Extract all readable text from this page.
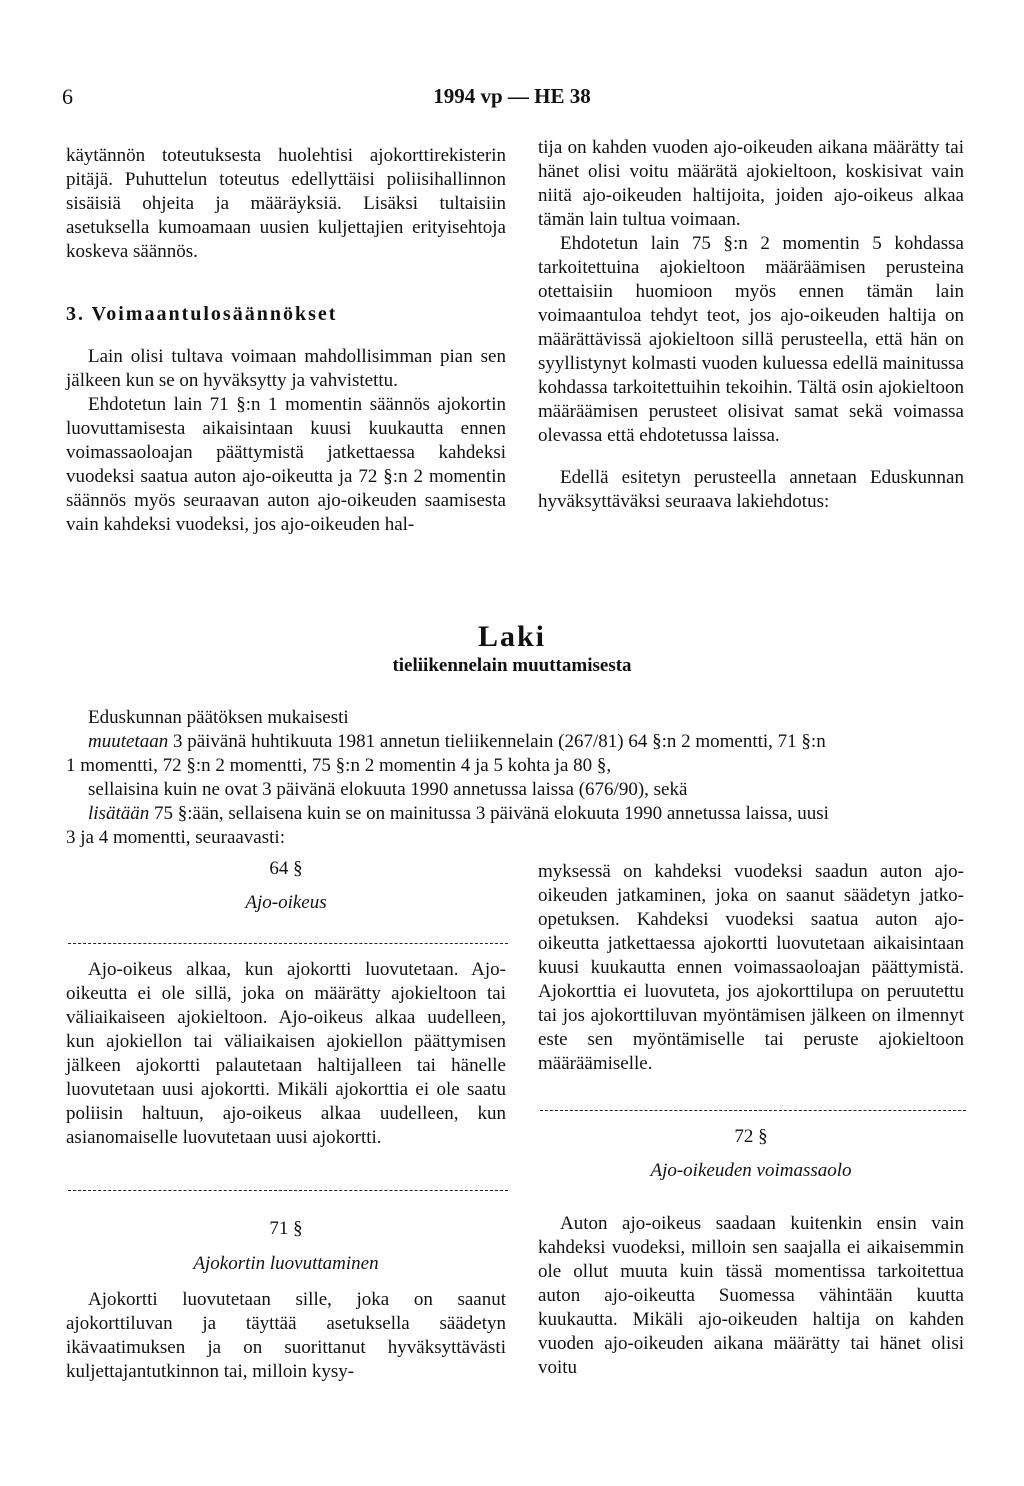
6	1994 vp — HE 38

käytännön toteutuksesta huolehtisi ajokorttirekisterin pitäjä. Puhuttelun toteutus edellyttäisi poliisihallinnon sisäisiä ohjeita ja määräyksiä. Lisäksi tultaisiin asetuksella kumoamaan uusien kuljettajien erityisehtoja koskeva säännös.

3. Voimaantulosäännökset

Lain olisi tultava voimaan mahdollisimman pian sen jälkeen kun se on hyväksytty ja vahvistettu.

Ehdotetun lain 71 §:n 1 momentin säännös ajokortin luovuttamisesta aikaisintaan kuusi kuukautta ennen voimassaoloajan päättymistä jatkettaessa kahdeksi vuodeksi saatua auton ajo-oikeutta ja 72 §:n 2 momentin säännös myös seuraavan auton ajo-oikeuden saamisesta vain kahdeksi vuodeksi, jos ajo-oikeuden hal-

tija on kahden vuoden ajo-oikeuden aikana määrätty tai hänet olisi voitu määrätä ajokieltoon, koskisivat vain niitä ajo-oikeuden haltijoita, joiden ajo-oikeus alkaa tämän lain tultua voimaan.

Ehdotetun lain 75 §:n 2 momentin 5 kohdassa tarkoitettuina ajokieltoon määräämisen perusteina otettaisiin huomioon myös ennen tämän lain voimaantuloa tehdyt teot, jos ajo-oikeuden haltija on määrättävissä ajokieltoon sillä perusteella, että hän on syyllistynyt kolmasti vuoden kuluessa edellä mainitussa kohdassa tarkoitettuihin tekoihin. Tältä osin ajokieltoon määräämisen perusteet olisivat samat sekä voimassa olevassa että ehdotetussa laissa.

Edellä esitetyn perusteella annetaan Eduskunnan hyväksyttäväksi seuraava lakiehdotus:

Laki
tieliikennelain muuttamisesta
Eduskunnan päätöksen mukaisesti
muutetaan 3 päivänä huhtikuuta 1981 annetun tieliikennelain (267/81) 64 §:n 2 momentti, 71 §:n
1 momentti, 72 §:n 2 momentti, 75 §:n 2 momentin 4 ja 5 kohta ja 80 §,
sellaisina kuin ne ovat 3 päivänä elokuuta 1990 annetussa laissa (676/90), sekä
lisätään 75 §:ään, sellaisena kuin se on mainitussa 3 päivänä elokuuta 1990 annetussa laissa, uusi
3 ja 4 momentti, seuraavasti:
64 §
Ajo-oikeus

Ajo-oikeus alkaa, kun ajokortti luovutetaan. Ajo-oikeutta ei ole sillä, joka on määrätty ajokieltoon tai väliaikaiseen ajokieltoon. Ajo-oikeus alkaa uudelleen, kun ajokiellon tai väliaikaisen ajokiellon päättymisen jälkeen ajokortti palautetaan haltijalleen tai hänelle luovutetaan uusi ajokortti. Mikäli ajokorttia ei ole saatu poliisin haltuun, ajo-oikeus alkaa uudelleen, kun asianomaiselle luovutetaan uusi ajokortti.

71 §
Ajokortin luovuttaminen

Ajokortti luovutetaan sille, joka on saanut ajokorttiluvan ja täyttää asetuksella säädetyn ikävaatimuksen ja on suorittanut hyväksyttävästi kuljettajantutkinnon tai, milloin kysy-

myksessä on kahdeksi vuodeksi saadun auton ajo-oikeuden jatkaminen, joka on saanut säädetyn jatko-opetuksen. Kahdeksi vuodeksi saatua auton ajo-oikeutta jatkettaessa ajokortti luovutetaan aikaisintaan kuusi kuukautta ennen voimassaoloajan päättymistä. Ajokorttia ei luovuteta, jos ajokorttilupa on peruutettu tai jos ajokorttiluvan myöntämisen jälkeen on ilmennyt este sen myöntämiselle tai peruste ajokieltoon määräämiselle.

72 §
Ajo-oikeuden voimassaolo

Auton ajo-oikeus saadaan kuitenkin ensin vain kahdeksi vuodeksi, milloin sen saajalla ei aikaisemmin ole ollut muuta kuin tässä momentissa tarkoitettua auton ajo-oikeutta Suomessa vähintään kuutta kuukautta. Mikäli ajo-oikeuden haltija on kahden vuoden ajo-oikeuden aikana määrätty tai hänet olisi voitu
